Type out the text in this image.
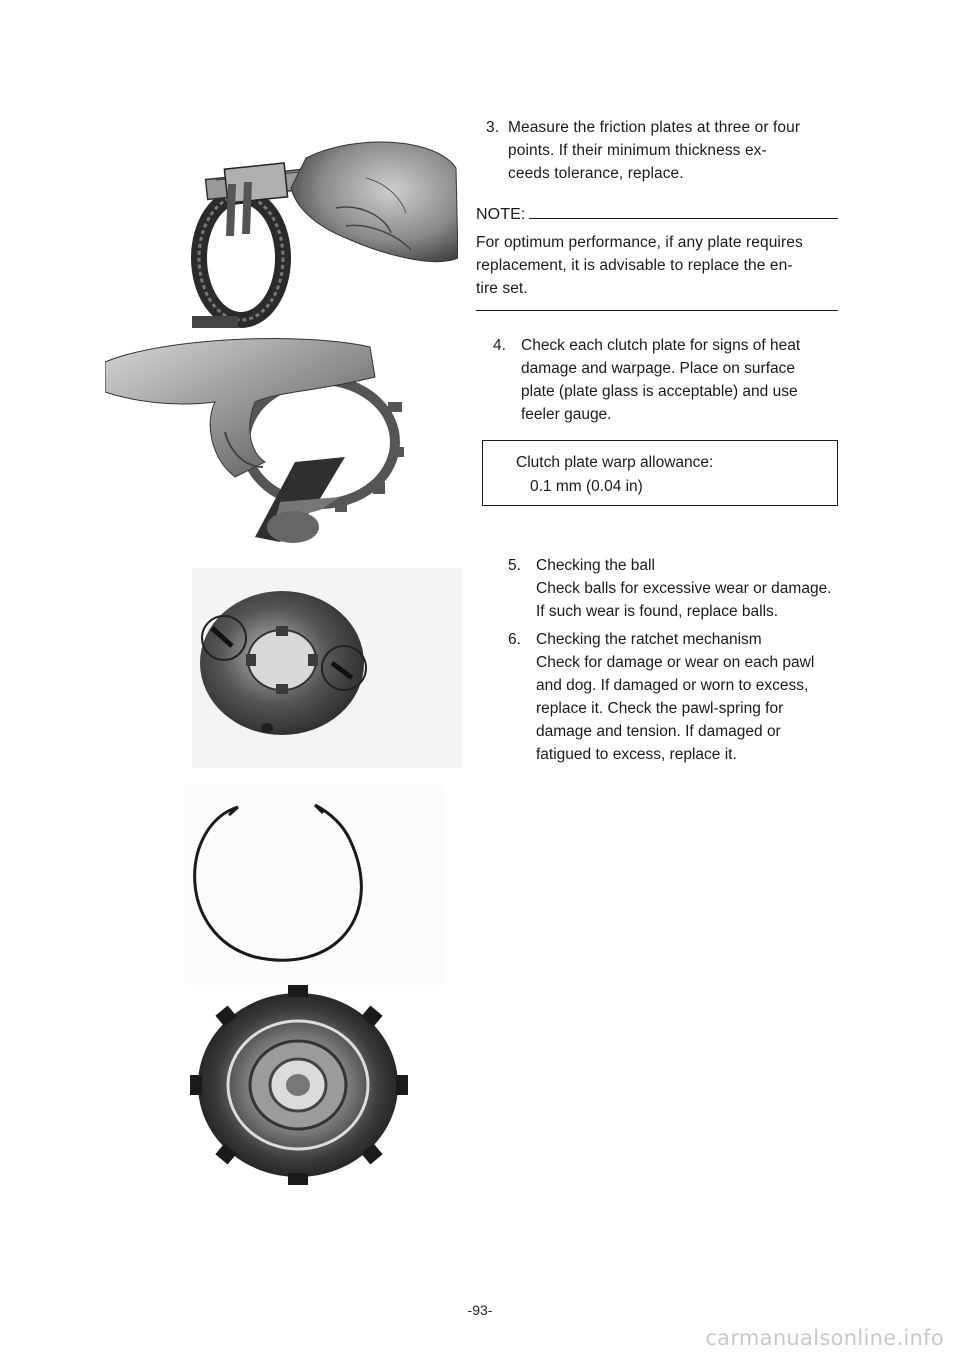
3. Measure the friction plates at three or four
points. If their minimum thickness ex-
ceeds tolerance, replace.
NOTE:
For optimum performance, if any plate requires
replacement, it is advisable to replace the en-
tire set.
4. Check each clutch plate for signs of heat
damage and warpage. Place on surface
plate (plate glass is acceptable) and use
feeler gauge.
Clutch plate warp allowance:
0.1 mm (0.04 in)
5. Checking the ball
Check balls for excessive wear or damage.
If such wear is found, replace balls.
6. Checking the ratchet mechanism
Check for damage or wear on each pawl
and dog. If damaged or worn to excess,
replace it. Check the pawl-spring for
damage and tension. If damaged or
fatigued to excess, replace it.
-93-
carmanualsonline.info
